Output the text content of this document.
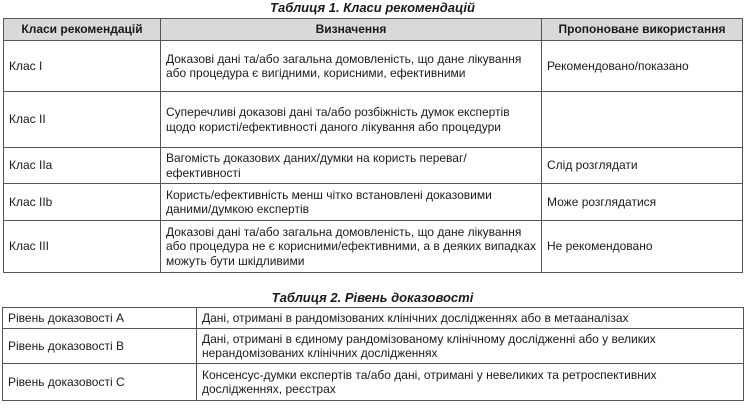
Таблиця 1. Класи рекомендацій
Класи рекомендацій	Визначення	Пропоноване використання
Клас I	Доказові дані та/або загальна домовленість, що дане лікування або процедура є вигідними, корисними, ефективними	Рекомендовано/показано
Клас II	Суперечливі доказові дані та/або розбіжність думок експертів щодо користі/ефективності даного лікування або процедури	
Клас IIa	Вагомість доказових даних/думки на користь переваг/ефективності	Слід розглядати
Клас IIb	Користь/ефективність менш чітко встановлені доказовими даними/думкою експертів	Може розглядатися
Клас III	Доказові дані та/або загальна домовленість, що дане лікування або процедура не є корисними/ефективними, а в деяких випадках можуть бути шкідливими	Не рекомендовано
Таблиця 2. Рівень доказовості
Рівень доказовості A	Дані, отримані в рандомізованих клінічних дослідженнях або в метааналізах
Рівень доказовості B	Дані, отримані в єдиному рандомізованому клінічному дослідженні або у великих нерандомізованих клінічних дослідженнях
Рівень доказовості C	Консенсус-думки експертів та/або дані, отримані у невеликих та ретроспективних дослідженнях, реєстрах
